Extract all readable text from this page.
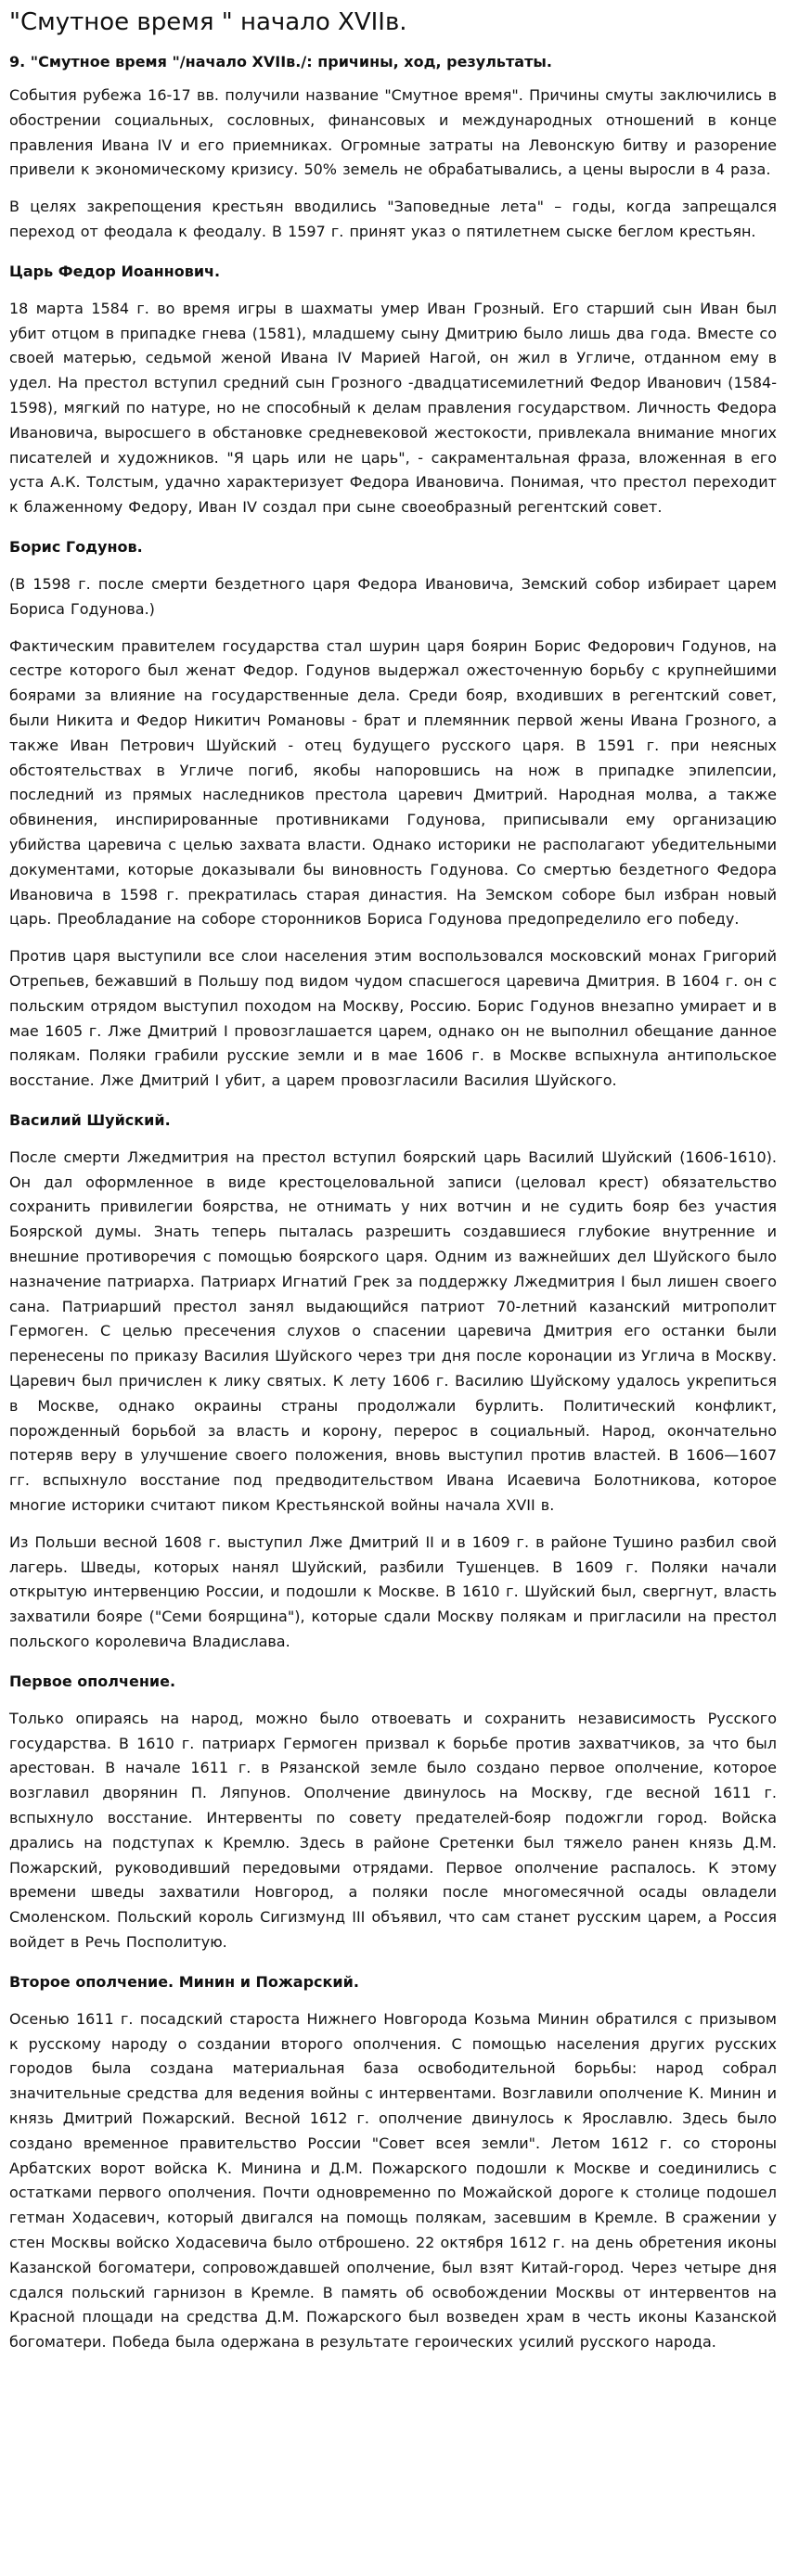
"Смутное время " начало XVIIв.
9. "Смутное время "/начало XVIIв./: причины, ход, результаты.

События рубежа 16-17 вв. получили название "Смутное время". Причины смуты заключились в обострении социальных, сословных, финансовых и международных отношений в конце правления Ивана IV и его приемниках. Огромные затраты на Левонскую битву и разорение привели к экономическому кризису. 50% земель не обрабатывались, а цены выросли в 4 раза.

В целях закрепощения крестьян вводились "Заповедные лета" – годы, когда запрещался переход от феодала к феодалу. В 1597 г. принят указ о пятилетнем сыске беглом крестьян.

Царь Федор Иоаннович.

18 марта 1584 г. во время игры в шахматы умер Иван Грозный. Его старший сын Иван был убит отцом в припадке гнева (1581), младшему сыну Дмитрию было лишь два года. Вместе со своей матерью, седьмой женой Ивана IV Марией Нагой, он жил в Угличе, отданном ему в удел. На престол вступил средний сын Грозного -двадцатисемилетний Федор Иванович (1584-1598), мягкий по натуре, но не способный к делам правления государством. Личность Федора Ивановича, выросшего в обстановке средневековой жестокости, привлекала внимание многих писателей и художников. "Я царь или не царь", - сакраментальная фраза, вложенная в его уста А.К. Толстым, удачно характеризует Федора Ивановича. Понимая, что престол переходит к блаженному Федору, Иван IV создал при сыне своеобразный регентский совет.

Борис Годунов.

(В 1598 г. после смерти бездетного царя Федора Ивановича, Земский собор избирает царем Бориса Годунова.)

Фактическим правителем государства стал шурин царя боярин Борис Федорович Годунов, на сестре которого был женат Федор. Годунов выдержал ожесточенную борьбу с крупнейшими боярами за влияние на государственные дела. Среди бояр, входивших в регентский совет, были Никита и Федор Никитич Романовы - брат и племянник первой жены Ивана Грозного, а также Иван Петрович Шуйский - отец будущего русского царя. В 1591 г. при неясных обстоятельствах в Угличе погиб, якобы напоровшись на нож в припадке эпилепсии, последний из прямых наследников престола царевич Дмитрий. Народная молва, а также обвинения, инспирированные противниками Годунова, приписывали ему организацию убийства царевича с целью захвата власти. Однако историки не располагают убедительными документами, которые доказывали бы виновность Годунова. Со смертью бездетного Федора Ивановича в 1598 г. прекратилась старая династия. На Земском соборе был избран новый царь. Преобладание на соборе сторонников Бориса Годунова предопределило его победу.

Против царя выступили все слои населения этим воспользовался московский монах Григорий Отрепьев, бежавший в Польшу под видом чудом спасшегося царевича Дмитрия. В 1604 г. он с польским отрядом выступил походом на Москву, Россию. Борис Годунов внезапно умирает и в мае 1605 г. Лже Дмитрий I провозглашается царем, однако он не выполнил обещание данное полякам. Поляки грабили русские земли и в мае 1606 г. в Москве вспыхнула антипольское восстание. Лже Дмитрий I убит, а царем провозгласили Василия Шуйского.

Василий Шуйский.

После смерти Лжедмитрия на престол вступил боярский царь Василий Шуйский (1606-1610). Он дал оформленное в виде крестоцеловальной записи (целовал крест) обязательство сохранить привилегии боярства, не отнимать у них вотчин и не судить бояр без участия Боярской думы. Знать теперь пыталась разрешить создавшиеся глубокие внутренние и внешние противоречия с помощью боярского царя. Одним из важнейших дел Шуйского было назначение патриарха. Патриарх Игнатий Грек за поддержку Лжедмитрия I был лишен своего сана. Патриарший престол занял выдающийся патриот 70-летний казанский митрополит Гермоген. С целью пресечения слухов о спасении царевича Дмитрия его останки были перенесены по приказу Василия Шуйского через три дня после коронации из Углича в Москву. Царевич был причислен к лику святых. К лету 1606 г. Василию Шуйскому удалось укрепиться в Москве, однако окраины страны продолжали бурлить. Политический конфликт, порожденный борьбой за власть и корону, перерос в социальный. Народ, окончательно потеряв веру в улучшение своего положения, вновь выступил против властей. В 1606—1607 гг. вспыхнуло восстание под предводительством Ивана Исаевича Болотникова, которое многие историки считают пиком Крестьянской войны начала XVII в.

Из Польши весной 1608 г. выступил Лже Дмитрий II и в 1609 г. в районе Тушино разбил свой лагерь. Шведы, которых нанял Шуйский, разбили Тушенцев. В 1609 г. Поляки начали открытую интервенцию России, и подошли к Москве. В 1610 г. Шуйский был, свергнут, власть захватили бояре ("Семи боярщина"), которые сдали Москву полякам и пригласили на престол польского королевича Владислава.

Первое ополчение.

Только опираясь на народ, можно было отвоевать и сохранить независимость Русского государства. В 1610 г. патриарх Гермоген призвал к борьбе против захватчиков, за что был арестован. В начале 1611 г. в Рязанской земле было создано первое ополчение, которое возглавил дворянин П. Ляпунов. Ополчение двинулось на Москву, где весной 1611 г. вспыхнуло восстание. Интервенты по совету предателей-бояр подожгли город. Войска дрались на подступах к Кремлю. Здесь в районе Сретенки был тяжело ранен князь Д.М. Пожарский, руководивший передовыми отрядами. Первое ополчение распалось. К этому времени шведы захватили Новгород, а поляки после многомесячной осады овладели Смоленском. Польский король Сигизмунд III объявил, что сам станет русским царем, а Россия войдет в Речь Посполитую.

Второе ополчение. Минин и Пожарский.

Осенью 1611 г. посадский староста Нижнего Новгорода Козьма Минин обратился с призывом к русскому народу о создании второго ополчения. С помощью населения других русских городов была создана материальная база освободительной борьбы: народ собрал значительные средства для ведения войны с интервентами. Возглавили ополчение К. Минин и князь Дмитрий Пожарский. Весной 1612 г. ополчение двинулось к Ярославлю. Здесь было создано временное правительство России "Совет всея земли". Летом 1612 г. со стороны Арбатских ворот войска К. Минина и Д.М. Пожарского подошли к Москве и соединились с остатками первого ополчения. Почти одновременно по Можайской дороге к столице подошел гетман Ходасевич, который двигался на помощь полякам, засевшим в Кремле. В сражении у стен Москвы войско Ходасевича было отброшено. 22 октября 1612 г. на день обретения иконы Казанской богоматери, сопровождавшей ополчение, был взят Китай-город. Через четыре дня сдался польский гарнизон в Кремле. В память об освобождении Москвы от интервентов на Красной площади на средства Д.М. Пожарского был возведен храм в честь иконы Казанской богоматери. Победа была одержана в результате героических усилий русского народа.
